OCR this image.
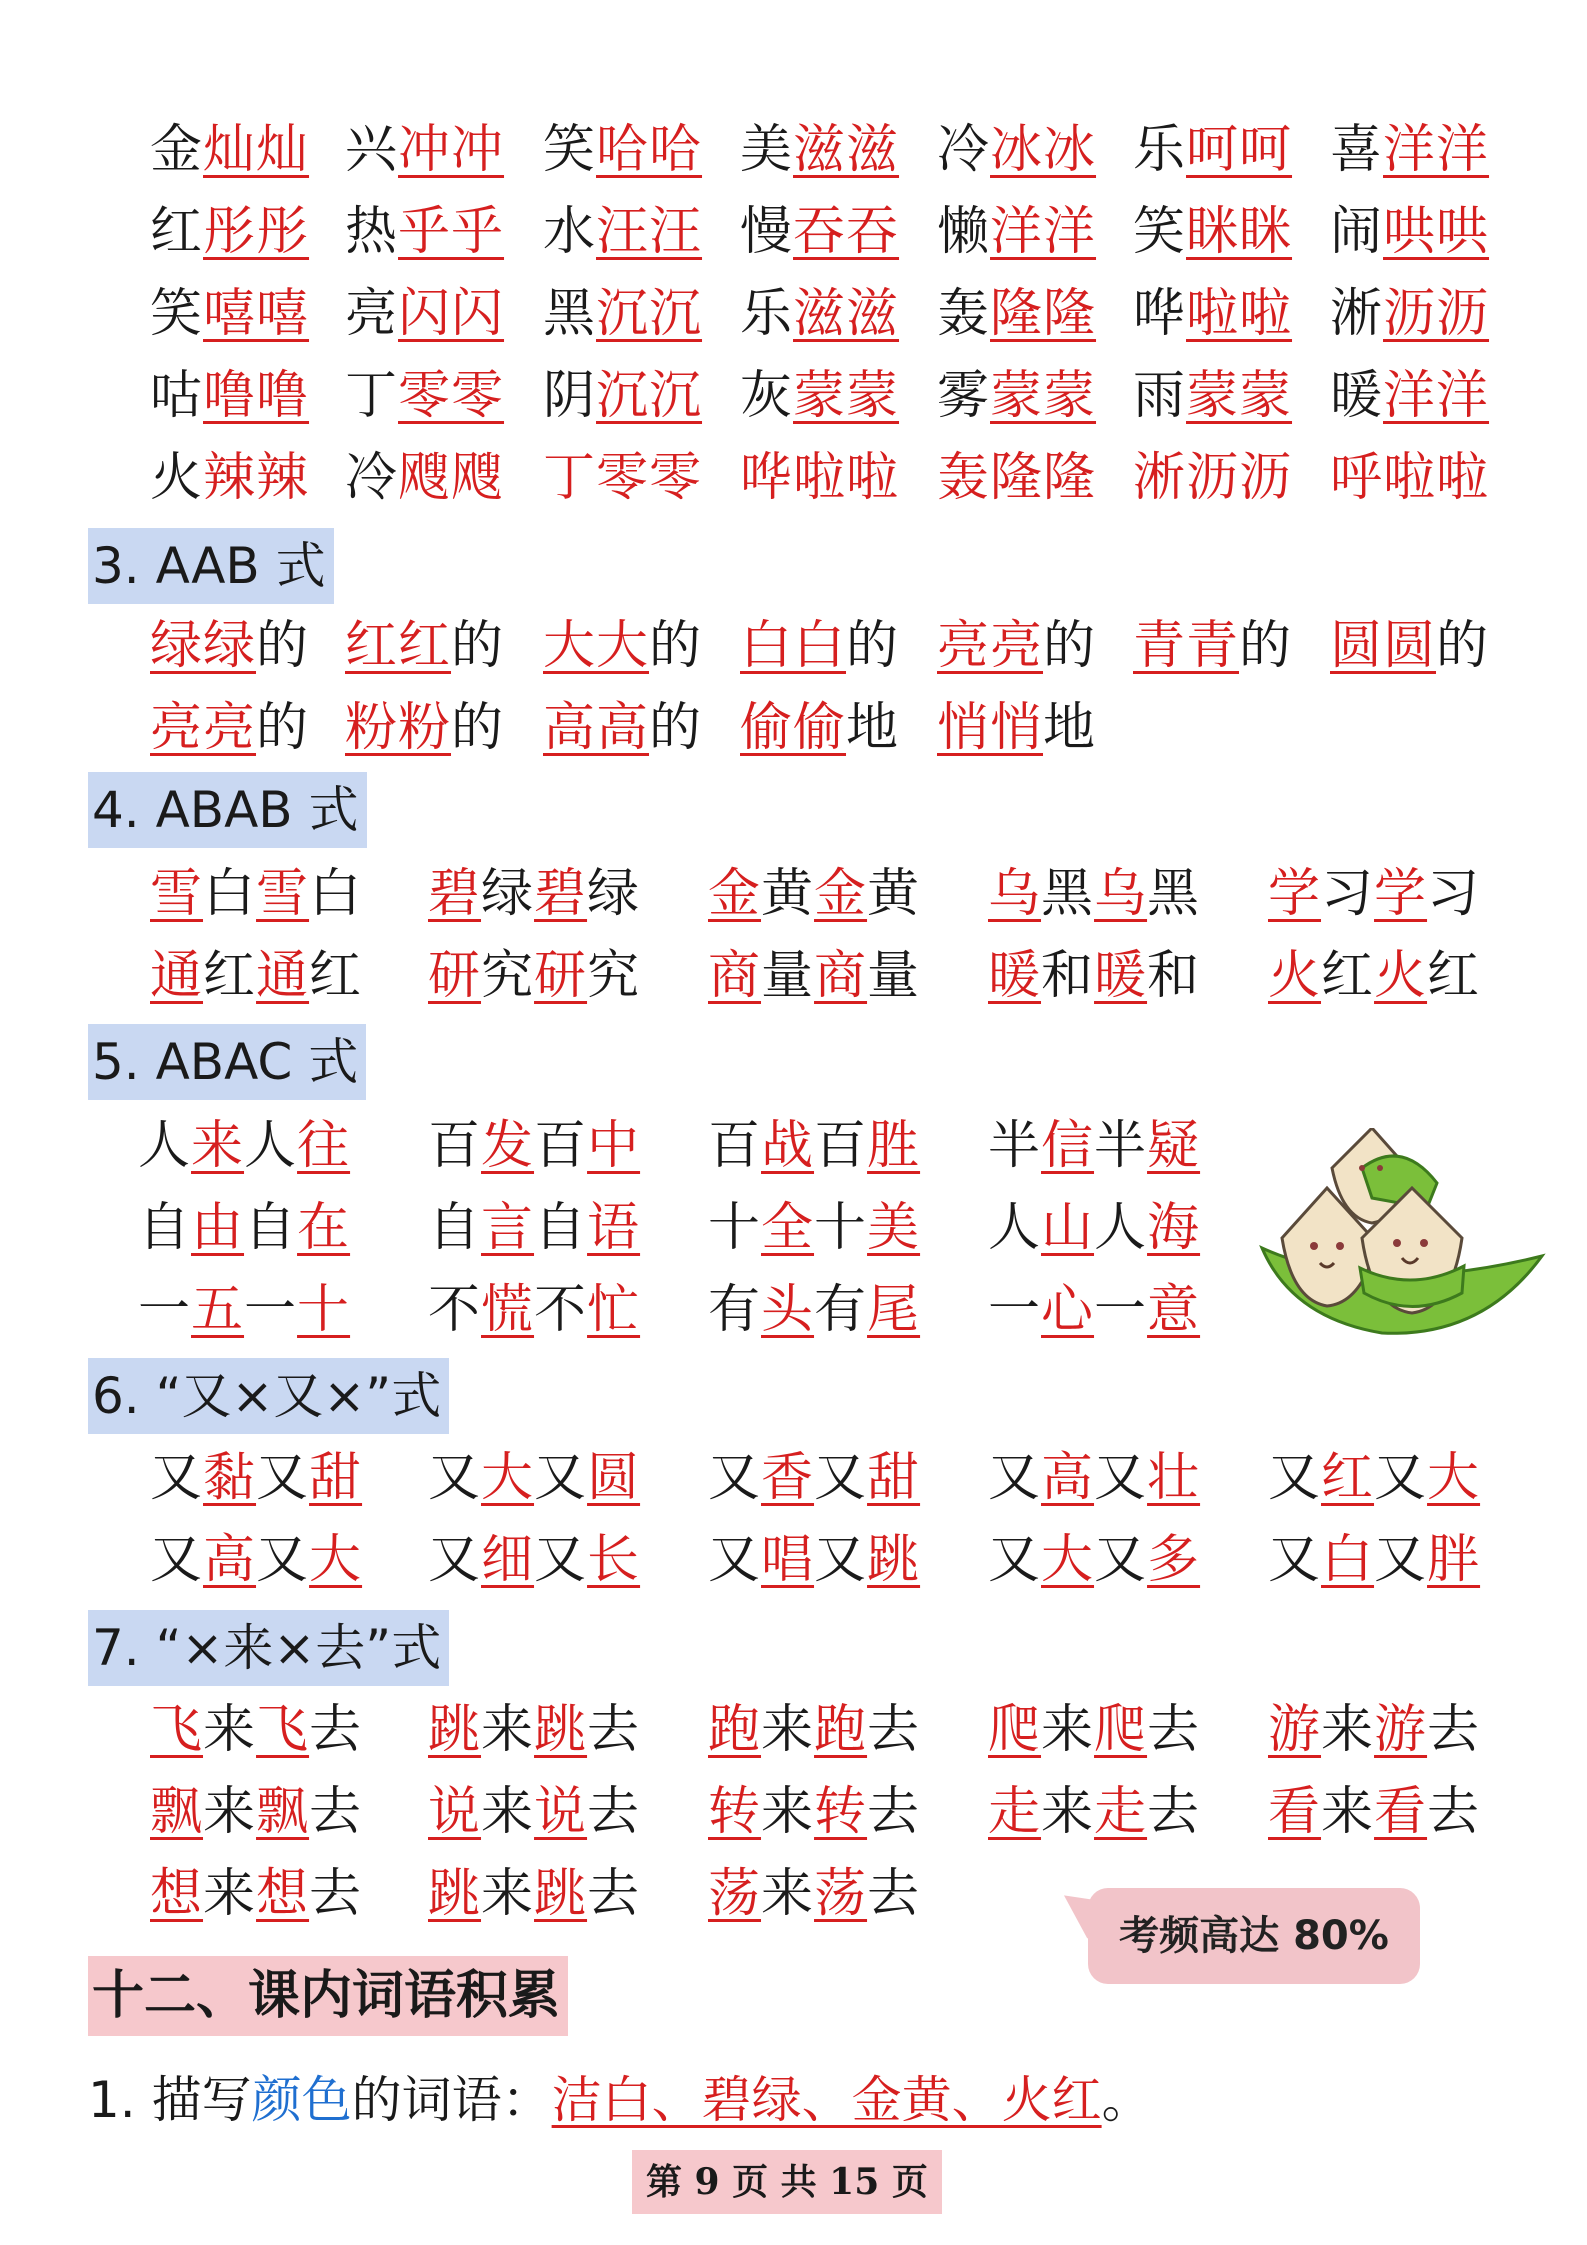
金灿灿 兴冲冲 笑哈哈 美滋滋 冷冰冰 乐呵呵 喜洋洋
红彤彤 热乎乎 水汪汪 慢吞吞 懒洋洋 笑眯眯 闹哄哄
笑嘻嘻 亮闪闪 黑沉沉 乐滋滋 轰隆隆 哗啦啦 淅沥沥
咕噜噜 丁零零 阴沉沉 灰蒙蒙 雾蒙蒙 雨蒙蒙 暖洋洋
火辣辣 冷飕飕 丁零零 哗啦啦 轰隆隆 淅沥沥 呼啦啦
3. AAB 式
绿绿的 红红的 大大的 白白的 亮亮的 青青的 圆圆的
亮亮的 粉粉的 高高的 偷偷地 悄悄地
4. ABAB 式
雪白雪白 碧绿碧绿 金黄金黄 乌黑乌黑 学习学习
通红通红 研究研究 商量商量 暖和暖和 火红火红
5. ABAC 式
人来人往 百发百中 百战百胜 半信半疑
自由自在 自言自语 十全十美 人山人海
一五一十 不慌不忙 有头有尾 一心一意
6. “又×又×”式
又黏又甜 又大又圆 又香又甜 又高又壮 又红又大
又高又大 又细又长 又唱又跳 又大又多 又白又胖
7. “×来×去”式
飞来飞去 跳来跳去 跑来跑去 爬来爬去 游来游去
飘来飘去 说来说去 转来转去 走来走去 看来看去
想来想去 跳来跳去 荡来荡去
考频高达 80%
十二、课内词语积累
1. 描写颜色的词语：洁白、碧绿、金黄、火红。
第 9 页 共 15 页
